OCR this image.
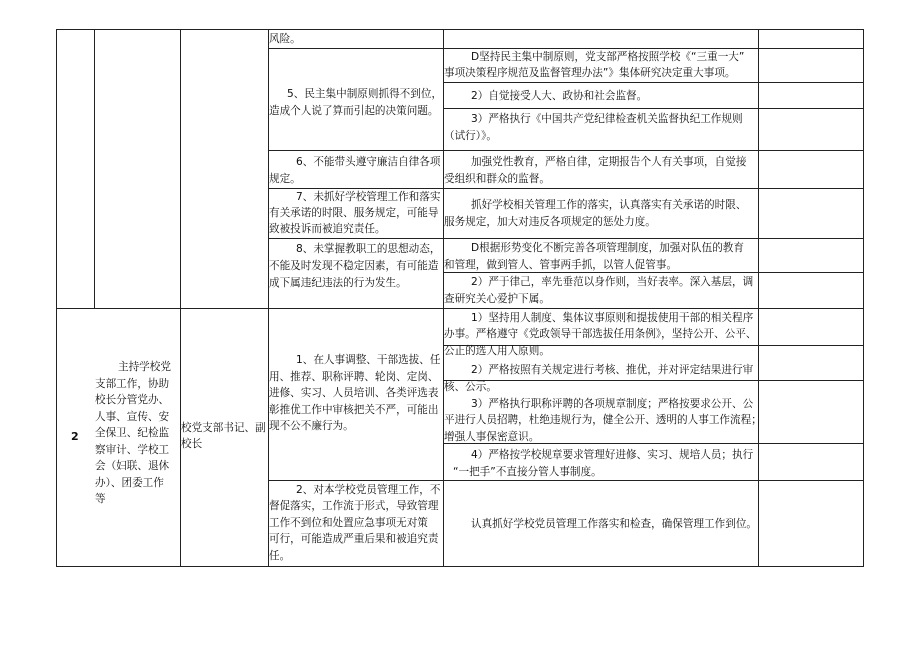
风险。
5、民主集中制原则抓得不到位，
造成个人说了算而引起的决策问题。
D坚持民主集中制原则，党支部严格按照学校《“三重一大”
事项决策程序规范及监督管理办法”》集体研究决定重大事项。
2）自觉接受人大、政协和社会监督。
3）严格执行《中国共产党纪律检查机关监督执纪工作规则
（试行）》。
6、不能带头遵守廉洁自律各项
规定。
加强党性教育，严格自律，定期报告个人有关事项，自觉接
受组织和群众的监督。
7、未抓好学校管理工作和落实
有关承诺的时限、服务规定，可能导
致被投诉而被追究责任。
抓好学校相关管理工作的落实，认真落实有关承诺的时限、
服务规定，加大对违反各项规定的惩处力度。
8、未掌握教职工的思想动态，
不能及时发现不稳定因素，有可能造
成下属违纪违法的行为发生。
D根据形势变化不断完善各项管理制度，加强对队伍的教育
和管理，做到管人、管事两手抓，以管人促管事。
2）严于律己，率先垂范以身作则，当好表率。深入基层，调
查研究关心爱护下属。
2
主持学校党
支部工作，协助
校长分管党办、
人事、宣传、安
全保卫、纪检监
察审计、学校工
会（妇联、退休
办）、团委工作
等
校党支部书记、副
校长
1、在人事调整、干部选拔、任
用、推荐、职称评聘、轮岗、定岗、
进修、实习、人员培训、各类评选表
彰推优工作中审核把关不严，可能出
现不公不廉行为。
1）坚持用人制度、集体议事原则和提拔使用干部的相关程序
办事。严格遵守《党政领导干部选拔任用条例》，坚持公开、公平、
公正的选人用人原则。
2）严格按照有关规定进行考核、推优，并对评定结果进行审
核、公示。
3）严格执行职称评聘的各项规章制度；严格按要求公开、公
平进行人员招聘，杜绝违规行为，健全公开、透明的人事工作流程；
增强人事保密意识。
4）严格按学校规章要求管理好进修、实习、规培人员；执行
“一把手”不直接分管人事制度。
2、对本学校党员管理工作，不
督促落实，工作流于形式，导致管理
工作不到位和处置应急事项无对策
可行，可能造成严重后果和被追究责
任。
认真抓好学校党员管理工作落实和检查，确保管理工作到位。
